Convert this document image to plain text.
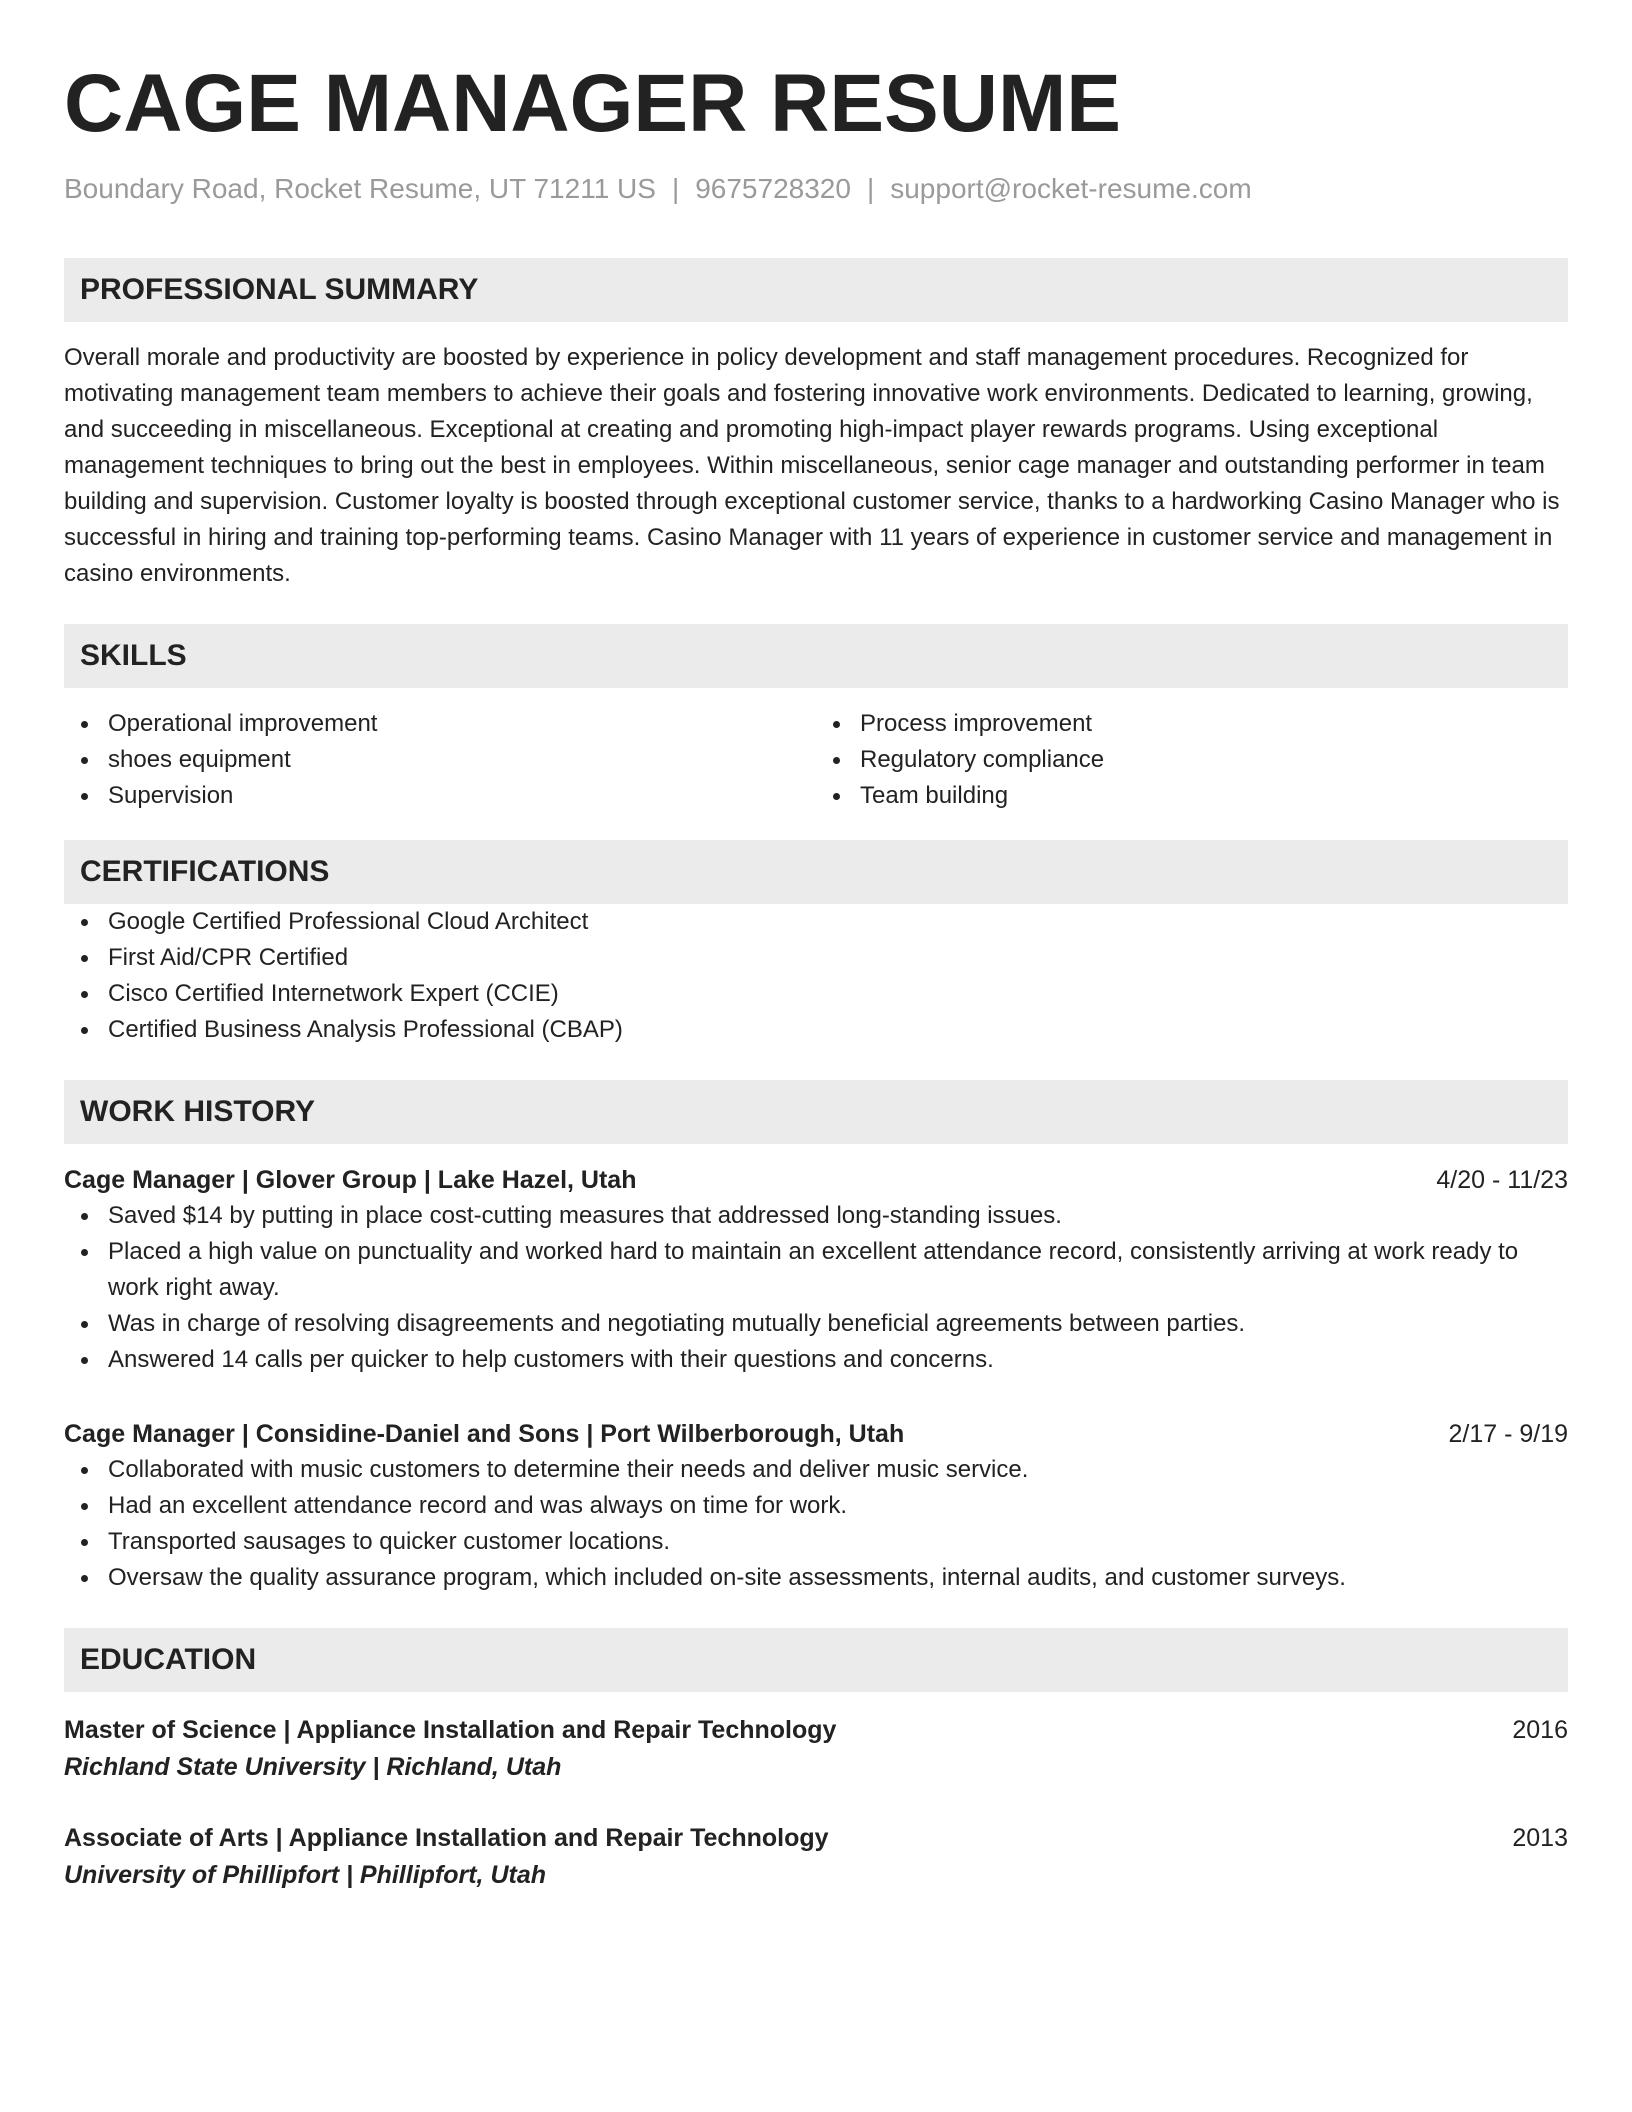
CAGE MANAGER RESUME
Boundary Road, Rocket Resume, UT 71211 US | 9675728320 | support@rocket-resume.com
PROFESSIONAL SUMMARY
Overall morale and productivity are boosted by experience in policy development and staff management procedures. Recognized for motivating management team members to achieve their goals and fostering innovative work environments. Dedicated to learning, growing, and succeeding in miscellaneous. Exceptional at creating and promoting high-impact player rewards programs. Using exceptional management techniques to bring out the best in employees. Within miscellaneous, senior cage manager and outstanding performer in team building and supervision. Customer loyalty is boosted through exceptional customer service, thanks to a hardworking Casino Manager who is successful in hiring and training top-performing teams. Casino Manager with 11 years of experience in customer service and management in casino environments.
SKILLS
Operational improvement
shoes equipment
Supervision
Process improvement
Regulatory compliance
Team building
CERTIFICATIONS
Google Certified Professional Cloud Architect
First Aid/CPR Certified
Cisco Certified Internetwork Expert (CCIE)
Certified Business Analysis Professional (CBAP)
WORK HISTORY
Cage Manager | Glover Group | Lake Hazel, Utah	4/20 - 11/23
Saved $14 by putting in place cost-cutting measures that addressed long-standing issues.
Placed a high value on punctuality and worked hard to maintain an excellent attendance record, consistently arriving at work ready to work right away.
Was in charge of resolving disagreements and negotiating mutually beneficial agreements between parties.
Answered 14 calls per quicker to help customers with their questions and concerns.
Cage Manager | Considine-Daniel and Sons | Port Wilberborough, Utah	2/17 - 9/19
Collaborated with music customers to determine their needs and deliver music service.
Had an excellent attendance record and was always on time for work.
Transported sausages to quicker customer locations.
Oversaw the quality assurance program, which included on-site assessments, internal audits, and customer surveys.
EDUCATION
Master of Science | Appliance Installation and Repair Technology	2016
Richland State University | Richland, Utah
Associate of Arts | Appliance Installation and Repair Technology	2013
University of Phillipfort | Phillipfort, Utah
